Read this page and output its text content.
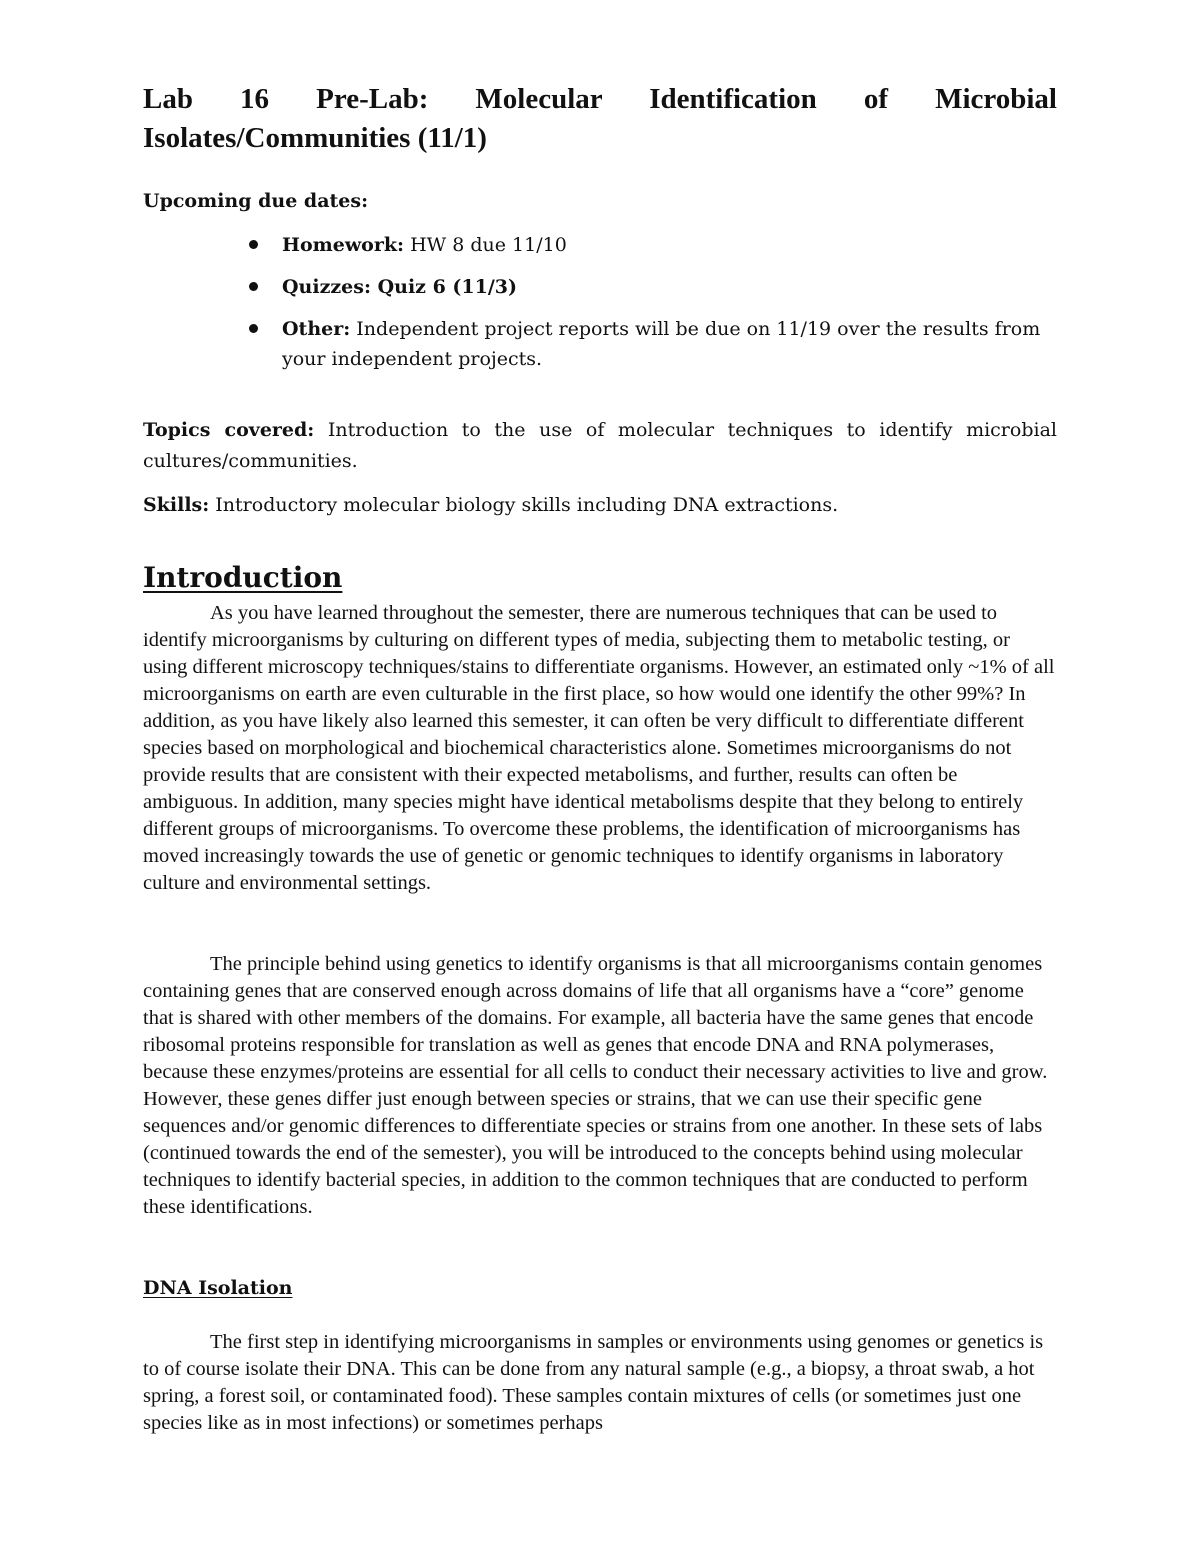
Lab 16 Pre-Lab: Molecular Identification of Microbial
Isolates/Communities (11/1)

Upcoming due dates:

Homework: HW 8 due 11/10
Quizzes: Quiz 6 (11/3)
Other: Independent project reports will be due on 11/19 over the results from your independent projects.

Topics covered: Introduction to the use of molecular techniques to identify microbial cultures/communities.

Skills: Introductory molecular biology skills including DNA extractions.

Introduction

As you have learned throughout the semester, there are numerous techniques that can be used to identify microorganisms by culturing on different types of media, subjecting them to metabolic testing, or using different microscopy techniques/stains to differentiate organisms. However, an estimated only ~1% of all microorganisms on earth are even culturable in the first place, so how would one identify the other 99%? In addition, as you have likely also learned this semester, it can often be very difficult to differentiate different species based on morphological and biochemical characteristics alone. Sometimes microorganisms do not provide results that are consistent with their expected metabolisms, and further, results can often be ambiguous. In addition, many species might have identical metabolisms despite that they belong to entirely different groups of microorganisms. To overcome these problems, the identification of microorganisms has moved increasingly towards the use of genetic or genomic techniques to identify organisms in laboratory culture and environmental settings.

The principle behind using genetics to identify organisms is that all microorganisms contain genomes containing genes that are conserved enough across domains of life that all organisms have a “core” genome that is shared with other members of the domains. For example, all bacteria have the same genes that encode ribosomal proteins responsible for translation as well as genes that encode DNA and RNA polymerases, because these enzymes/proteins are essential for all cells to conduct their necessary activities to live and grow. However, these genes differ just enough between species or strains, that we can use their specific gene sequences and/or genomic differences to differentiate species or strains from one another. In these sets of labs (continued towards the end of the semester), you will be introduced to the concepts behind using molecular techniques to identify bacterial species, in addition to the common techniques that are conducted to perform these identifications.

DNA Isolation

The first step in identifying microorganisms in samples or environments using genomes or genetics is to of course isolate their DNA. This can be done from any natural sample (e.g., a biopsy, a throat swab, a hot spring, a forest soil, or contaminated food). These samples contain mixtures of cells (or sometimes just one species like as in most infections) or sometimes perhaps
